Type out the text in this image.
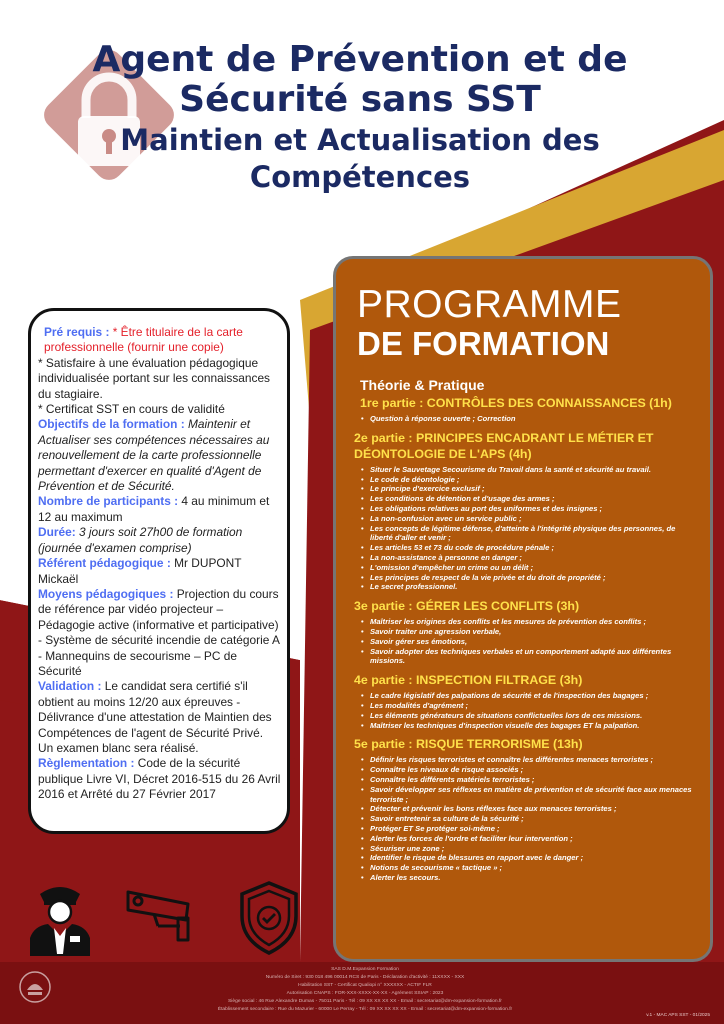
Agent de Prévention et de
Sécurité sans SST
Maintien et Actualisation des
Compétences

Pré requis : * Être titulaire de la carte professionnelle (fournir une copie)

* Satisfaire à une évaluation pédagogique individualisée portant sur les connaissances du stagiaire.

* Certificat SST en cours de validité

Objectifs de la formation : Maintenir et Actualiser ses compétences nécessaires au renouvellement de la carte professionnelle permettant d'exercer en qualité d'Agent de Prévention et de Sécurité.

Nombre de participants : 4 au minimum et 12 au maximum

Durée: 3 jours soit 27h00 de formation (journée d'examen comprise)

Référent pédagogique : Mr DUPONT Mickaël

Moyens pédagogiques : Projection du cours de référence par vidéo projecteur – Pédagogie active (informative et participative) - Système de sécurité incendie de catégorie A - Mannequins de secourisme – PC de Sécurité

Validation : Le candidat sera certifié s'il obtient au moins 12/20 aux épreuves - Délivrance d'une attestation de Maintien des Compétences de l'agent de Sécurité Privé. Un examen blanc sera réalisé.

Règlementation : Code de la sécurité publique Livre VI, Décret 2016-515 du 26 Avril 2016 et Arrêté du 27 Février 2017

PROGRAMME
DE FORMATION
Théorie & Pratique
1re partie : CONTRÔLES DES CONNAISSANCES (1h)
• Question à réponse ouverte ; Correction
2e partie : PRINCIPES ENCADRANT LE MÉTIER ET DÉONTOLOGIE DE L'APS (4h)
• Situer le Sauvetage Secourisme du Travail dans la santé et sécurité au travail.
• Le code de déontologie ;
• Le principe d'exercice exclusif ;
• Les conditions de détention et d'usage des armes ;
• Les obligations relatives au port des uniformes et des insignes ;
• La non-confusion avec un service public ;
• Les concepts de légitime défense, d'atteinte à l'intégrité physique des personnes, de liberté d'aller et venir ;
• Les articles 53 et 73 du code de procédure pénale ;
• La non-assistance à personne en danger ;
• L'omission d'empêcher un crime ou un délit ;
• Les principes de respect de la vie privée et du droit de propriété ;
• Le secret professionnel.
3e partie : GÉRER LES CONFLITS (3h)
• Maîtriser les origines des conflits et les mesures de prévention des conflits ;
• Savoir traiter une agression verbale,
• Savoir gérer ses émotions,
• Savoir adopter des techniques verbales et un comportement adapté aux différentes missions.
4e partie : INSPECTION FILTRAGE (3h)
• Le cadre législatif des palpations de sécurité et de l'inspection des bagages ;
• Les modalités d'agrément ;
• Les éléments générateurs de situations conflictuelles lors de ces missions.
• Maîtriser les techniques d'inspection visuelle des bagages ET la palpation.
5e partie : RISQUE TERRORISME (13h)
• Définir les risques terroristes et connaître les différentes menaces terroristes ;
• Connaître les niveaux de risque associés ;
• Connaître les différents matériels terroristes ;
• Savoir développer ses réflexes en matière de prévention et de sécurité face aux menaces terroriste ;
• Détecter et prévenir les bons réflexes face aux menaces terroristes ;
• Savoir entretenir sa culture de la sécurité ;
• Protéger ET Se protéger soi-même ;
• Alerter les forces de l'ordre et faciliter leur intervention ;
• Sécuriser une zone ;
• Identifier le risque de blessures en rapport avec le danger ;
• Notions de secourisme « tactique » ;
• Alerter les secours.
SAS D.M.Expansion Formation
Numéro de Siret : 930 018 496 00014 RCS de Paris - Déclaration d'activité : 11XXXX - XXX
Habilitation SST - Certificat Qualiopi n° XXXXXX - ACTIF FLR
Autorisation CNAPS : FOR-XXX-XXXX-XX-XX - Agrément SSIAP : 2023
Siège social : 46 Rue Alexandre Dumas - 75011 Paris - Tél : 09 XX XX XX XX - Email : secretariat@dm-expansion-formation.fr
Établissement secondaire : Rue du Mazurier - 60000 Le Perray - Tél : 09 XX XX XX XX - Email : secretariat@dm-expansion-formation.fr
v.1 - MAC APS SST - 01/2025
